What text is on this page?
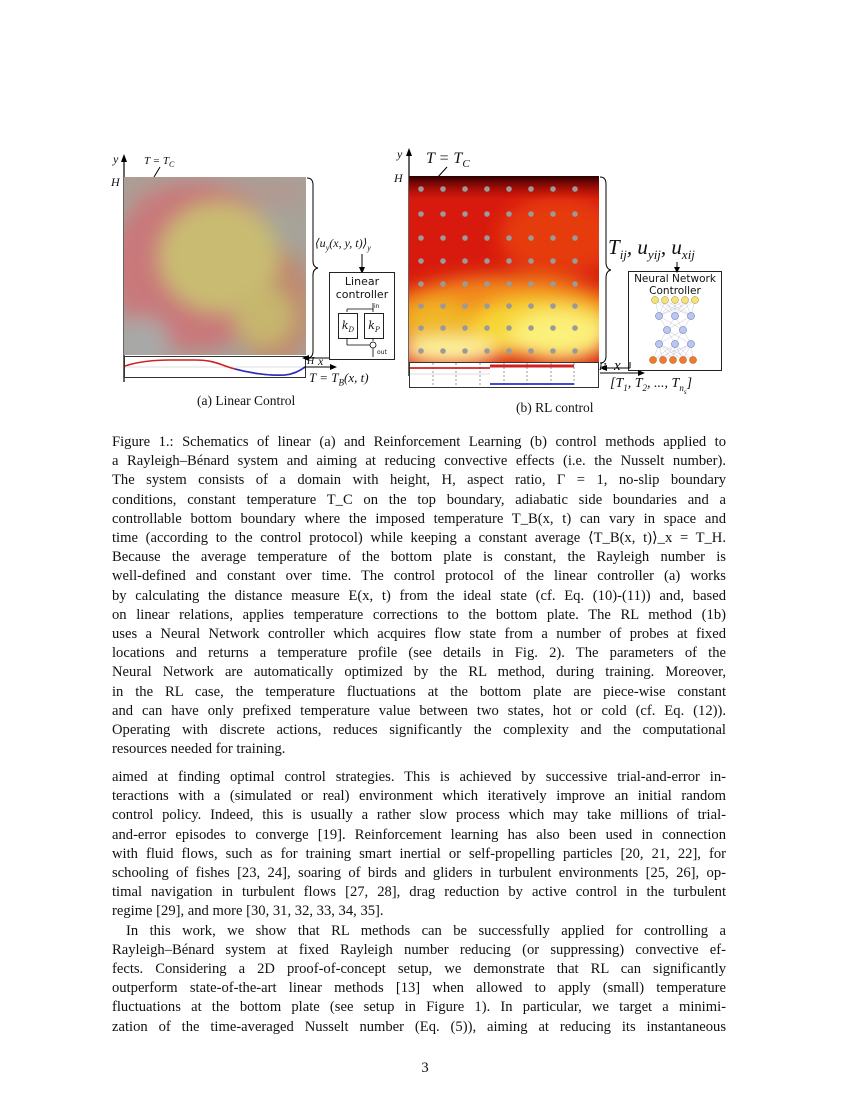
y
H
$T = T_C$
$⟨u_y(x$, y, $t)⟩_y$
Linear
controller
in
$k_D$	$k_P$
out
H x
$T = T_B(x$, t)
(a) Linear Control
y
H
$T = T_C$
$T_{ij}$, $u_{yij}$, $u_{xij}$
Neural Network
Controller
H x
[$T_1$, $T_2$, ..., $T_{n_s}$]
(b) RL control
Figure 1.: Schematics of linear (a) and Reinforcement Learning (b) control methods applied to
a Rayleigh–Bénard system and aiming at reducing convective effects (i.e. the Nusselt number).
The system consists of a domain with height, H, aspect ratio, Γ = 1, no-slip boundary
conditions, constant temperature T_C on the top boundary, adiabatic side boundaries and a
controllable bottom boundary where the imposed temperature T_B(x, t) can vary in space and
time (according to the control protocol) while keeping a constant average ⟨T_B(x, t)⟩_x = T_H.
Because the average temperature of the bottom plate is constant, the Rayleigh number is
well-defined and constant over time. The control protocol of the linear controller (a) works
by calculating the distance measure E(x, t) from the ideal state (cf. Eq. (10)-(11)) and, based
on linear relations, applies temperature corrections to the bottom plate. The RL method (1b)
uses a Neural Network controller which acquires flow state from a number of probes at fixed
locations and returns a temperature profile (see details in Fig. 2). The parameters of the
Neural Network are automatically optimized by the RL method, during training. Moreover,
in the RL case, the temperature fluctuations at the bottom plate are piece-wise constant
and can have only prefixed temperature value between two states, hot or cold (cf. Eq. (12)).
Operating with discrete actions, reduces significantly the complexity and the computational
resources needed for training.
aimed at finding optimal control strategies. This is achieved by successive trial-and-error in-
teractions with a (simulated or real) environment which iteratively improve an initial random
control policy. Indeed, this is usually a rather slow process which may take millions of trial-
and-error episodes to converge [19]. Reinforcement learning has also been used in connection
with fluid flows, such as for training smart inertial or self-propelling particles [20, 21, 22], for
schooling of fishes [23, 24], soaring of birds and gliders in turbulent environments [25, 26], op-
timal navigation in turbulent flows [27, 28], drag reduction by active control in the turbulent
regime [29], and more [30, 31, 32, 33, 34, 35].
In this work, we show that RL methods can be successfully applied for controlling a
Rayleigh–Bénard system at fixed Rayleigh number reducing (or suppressing) convective ef-
fects. Considering a 2D proof-of-concept setup, we demonstrate that RL can significantly
outperform state-of-the-art linear methods [13] when allowed to apply (small) temperature
fluctuations at the bottom plate (see setup in Figure 1). In particular, we target a minimi-
zation of the time-averaged Nusselt number (Eq. (5)), aiming at reducing its instantaneous
3
